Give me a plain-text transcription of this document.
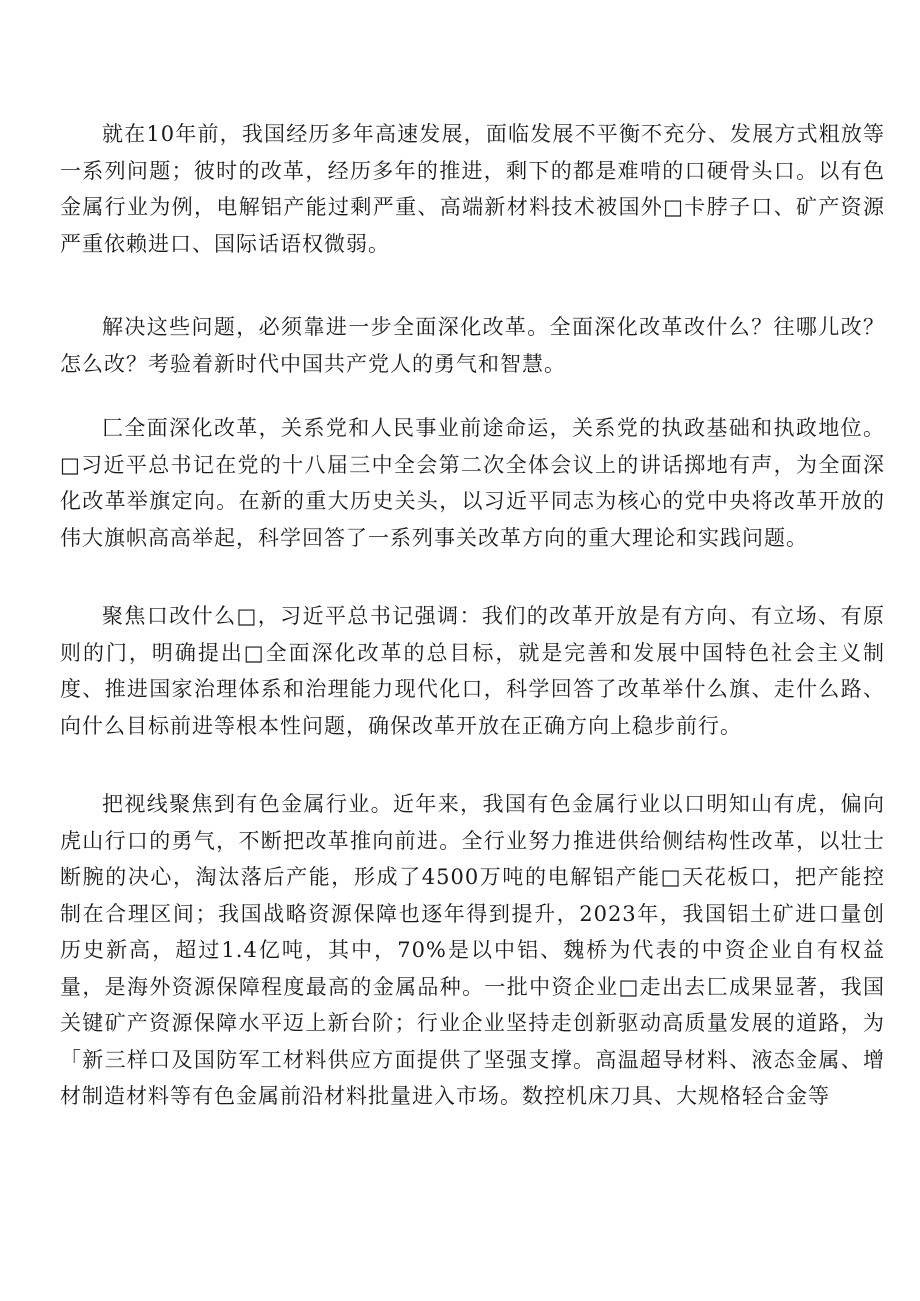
就在10年前，我国经历多年高速发展，面临发展不平衡不充分、发展方式粗放等一系列问题；彼时的改革，经历多年的推进，剩下的都是难啃的口硬骨头口。以有色金属行业为例，电解铝产能过剩严重、高端新材料技术被国外□卡脖子口、矿产资源严重依赖进口、国际话语权微弱。

解决这些问题，必须靠进一步全面深化改革。全面深化改革改什么？往哪儿改？怎么改？考验着新时代中国共产党人的勇气和智慧。

匚全面深化改革，关系党和人民事业前途命运，关系党的执政基础和执政地位。□习近平总书记在党的十八届三中全会第二次全体会议上的讲话掷地有声，为全面深化改革举旗定向。在新的重大历史关头，以习近平同志为核心的党中央将改革开放的伟大旗帜高高举起，科学回答了一系列事关改革方向的重大理论和实践问题。

聚焦口改什么□，习近平总书记强调：我们的改革开放是有方向、有立场、有原则的门，明确提出□全面深化改革的总目标，就是完善和发展中国特色社会主义制度、推进国家治理体系和治理能力现代化口，科学回答了改革举什么旗、走什么路、向什么目标前进等根本性问题，确保改革开放在正确方向上稳步前行。

把视线聚焦到有色金属行业。近年来，我国有色金属行业以口明知山有虎，偏向虎山行口的勇气，不断把改革推向前进。全行业努力推进供给侧结构性改革，以壮士断腕的决心，淘汰落后产能，形成了4500万吨的电解铝产能□天花板口，把产能控制在合理区间；我国战略资源保障也逐年得到提升，2023年，我国铝土矿进口量创历史新高，超过1.4亿吨，其中，70%是以中铝、魏桥为代表的中资企业自有权益量，是海外资源保障程度最高的金属品种。一批中资企业□走出去匚成果显著，我国关键矿产资源保障水平迈上新台阶；行业企业坚持走创新驱动高质量发展的道路，为「新三样口及国防军工材料供应方面提供了坚强支撑。高温超导材料、液态金属、增材制造材料等有色金属前沿材料批量进入市场。数控机床刀具、大规格轻合金等
